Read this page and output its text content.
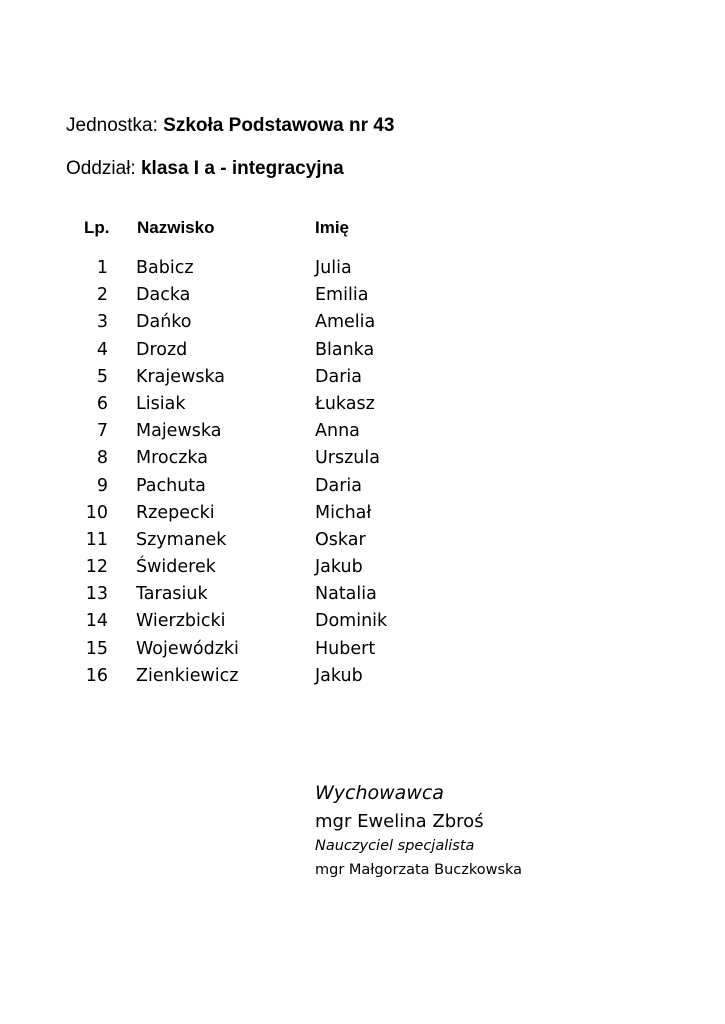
Jednostka: Szkoła Podstawowa nr 43
Oddział: klasa I a - integracyjna
Lp. Nazwisko	Imię
1 Babicz	Julia
2 Dacka	Emilia
3 Dańko	Amelia
4 Drozd	Blanka
5 Krajewska	Daria
6 Lisiak	Łukasz
7 Majewska	Anna
8 Mroczka	Urszula
9 Pachuta	Daria
10 Rzepecki	Michał
11 Szymanek	Oskar
12 Świderek	Jakub
13 Tarasiuk	Natalia
14 Wierzbicki	Dominik
15 Wojewódzki	Hubert
16 Zienkiewicz	Jakub
Wychowawca
mgr Ewelina Zbroś
Nauczyciel specjalista
mgr Małgorzata Buczkowska
